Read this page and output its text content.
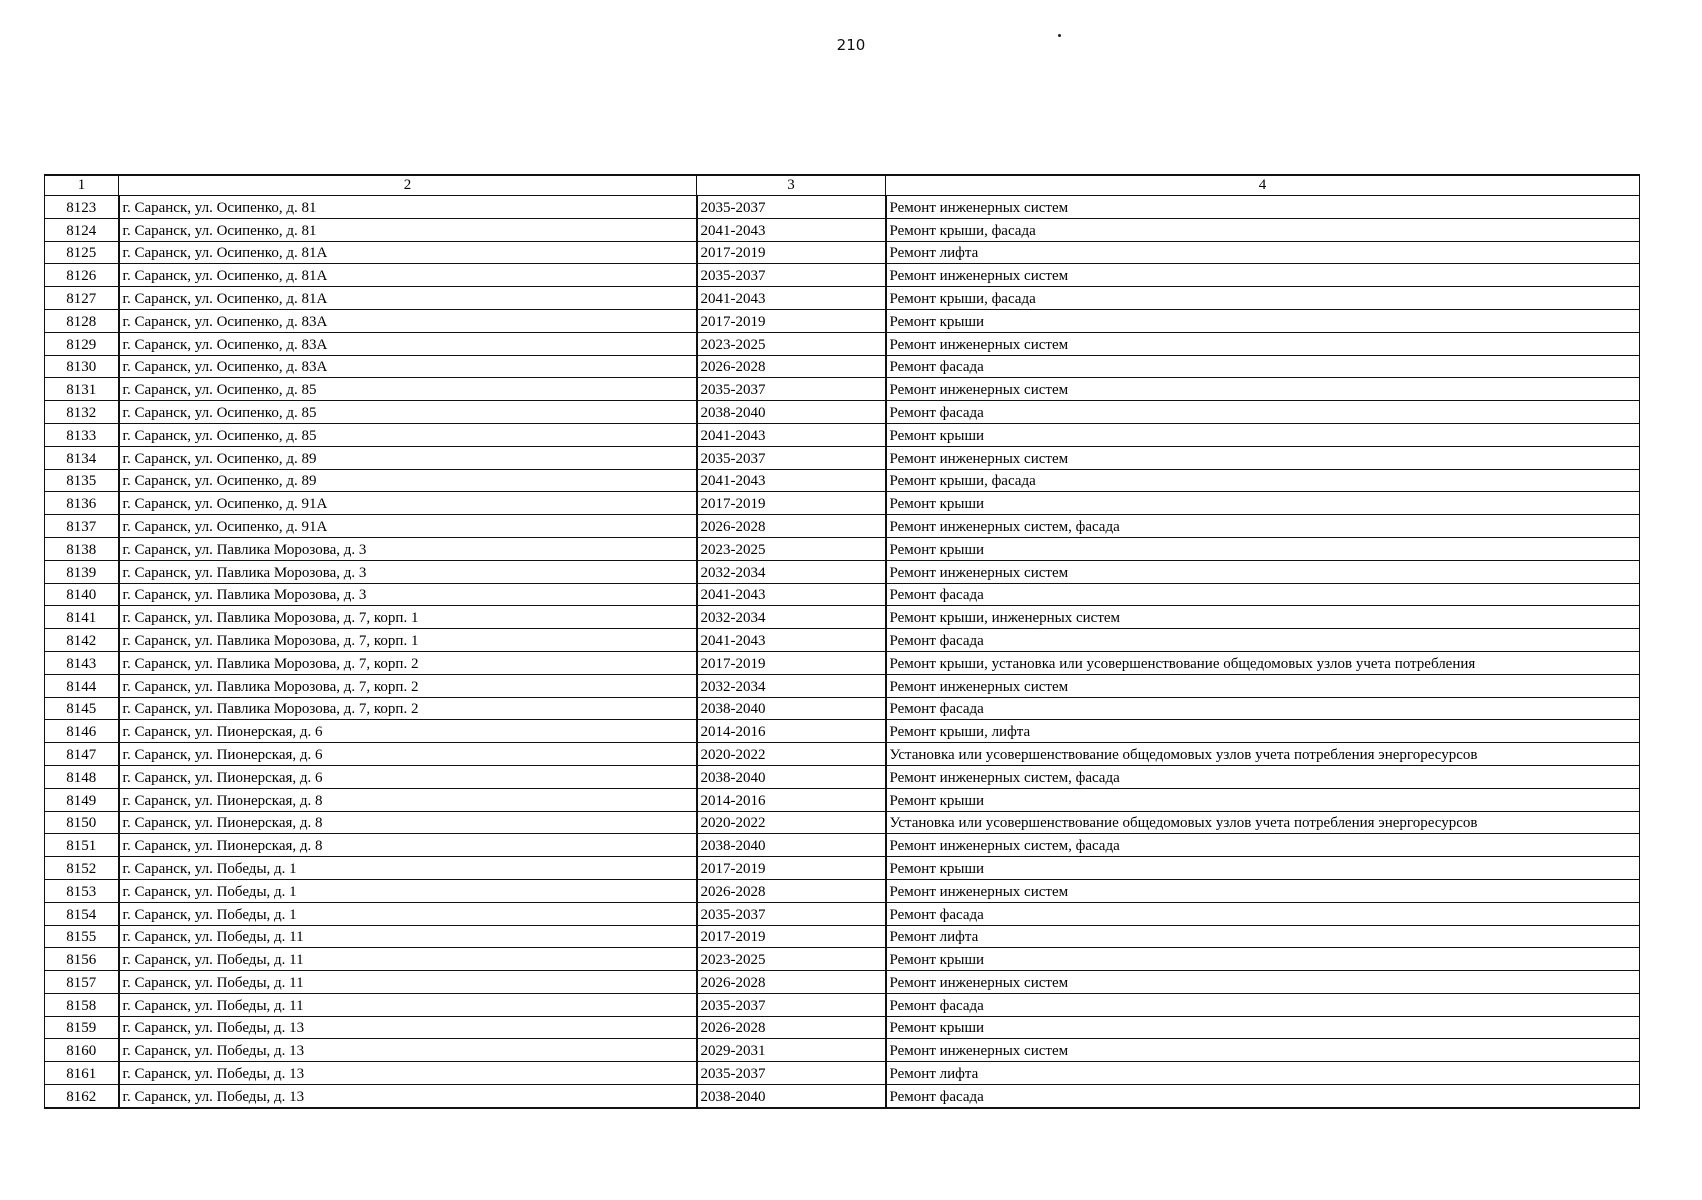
210
1	2	3	4
8123	г. Саранск, ул. Осипенко, д. 81	2035-2037	Ремонт инженерных систем
8124	г. Саранск, ул. Осипенко, д. 81	2041-2043	Ремонт крыши, фасада
8125	г. Саранск, ул. Осипенко, д. 81А	2017-2019	Ремонт лифта
8126	г. Саранск, ул. Осипенко, д. 81А	2035-2037	Ремонт инженерных систем
8127	г. Саранск, ул. Осипенко, д. 81А	2041-2043	Ремонт крыши, фасада
8128	г. Саранск, ул. Осипенко, д. 83А	2017-2019	Ремонт крыши
8129	г. Саранск, ул. Осипенко, д. 83А	2023-2025	Ремонт инженерных систем
8130	г. Саранск, ул. Осипенко, д. 83А	2026-2028	Ремонт фасада
8131	г. Саранск, ул. Осипенко, д. 85	2035-2037	Ремонт инженерных систем
8132	г. Саранск, ул. Осипенко, д. 85	2038-2040	Ремонт фасада
8133	г. Саранск, ул. Осипенко, д. 85	2041-2043	Ремонт крыши
8134	г. Саранск, ул. Осипенко, д. 89	2035-2037	Ремонт инженерных систем
8135	г. Саранск, ул. Осипенко, д. 89	2041-2043	Ремонт крыши, фасада
8136	г. Саранск, ул. Осипенко, д. 91А	2017-2019	Ремонт крыши
8137	г. Саранск, ул. Осипенко, д. 91А	2026-2028	Ремонт инженерных систем, фасада
8138	г. Саранск, ул. Павлика Морозова, д. 3	2023-2025	Ремонт крыши
8139	г. Саранск, ул. Павлика Морозова, д. 3	2032-2034	Ремонт инженерных систем
8140	г. Саранск, ул. Павлика Морозова, д. 3	2041-2043	Ремонт фасада
8141	г. Саранск, ул. Павлика Морозова, д. 7, корп. 1	2032-2034	Ремонт крыши, инженерных систем
8142	г. Саранск, ул. Павлика Морозова, д. 7, корп. 1	2041-2043	Ремонт фасада
8143	г. Саранск, ул. Павлика Морозова, д. 7, корп. 2	2017-2019	Ремонт крыши, установка или усовершенствование общедомовых узлов учета потребления
8144	г. Саранск, ул. Павлика Морозова, д. 7, корп. 2	2032-2034	Ремонт инженерных систем
8145	г. Саранск, ул. Павлика Морозова, д. 7, корп. 2	2038-2040	Ремонт фасада
8146	г. Саранск, ул. Пионерская, д. 6	2014-2016	Ремонт крыши, лифта
8147	г. Саранск, ул. Пионерская, д. 6	2020-2022	Установка или усовершенствование общедомовых узлов учета потребления энергоресурсов
8148	г. Саранск, ул. Пионерская, д. 6	2038-2040	Ремонт инженерных систем, фасада
8149	г. Саранск, ул. Пионерская, д. 8	2014-2016	Ремонт крыши
8150	г. Саранск, ул. Пионерская, д. 8	2020-2022	Установка или усовершенствование общедомовых узлов учета потребления энергоресурсов
8151	г. Саранск, ул. Пионерская, д. 8	2038-2040	Ремонт инженерных систем, фасада
8152	г. Саранск, ул. Победы, д. 1	2017-2019	Ремонт крыши
8153	г. Саранск, ул. Победы, д. 1	2026-2028	Ремонт инженерных систем
8154	г. Саранск, ул. Победы, д. 1	2035-2037	Ремонт фасада
8155	г. Саранск, ул. Победы, д. 11	2017-2019	Ремонт лифта
8156	г. Саранск, ул. Победы, д. 11	2023-2025	Ремонт крыши
8157	г. Саранск, ул. Победы, д. 11	2026-2028	Ремонт инженерных систем
8158	г. Саранск, ул. Победы, д. 11	2035-2037	Ремонт фасада
8159	г. Саранск, ул. Победы, д. 13	2026-2028	Ремонт крыши
8160	г. Саранск, ул. Победы, д. 13	2029-2031	Ремонт инженерных систем
8161	г. Саранск, ул. Победы, д. 13	2035-2037	Ремонт лифта
8162	г. Саранск, ул. Победы, д. 13	2038-2040	Ремонт фасада
